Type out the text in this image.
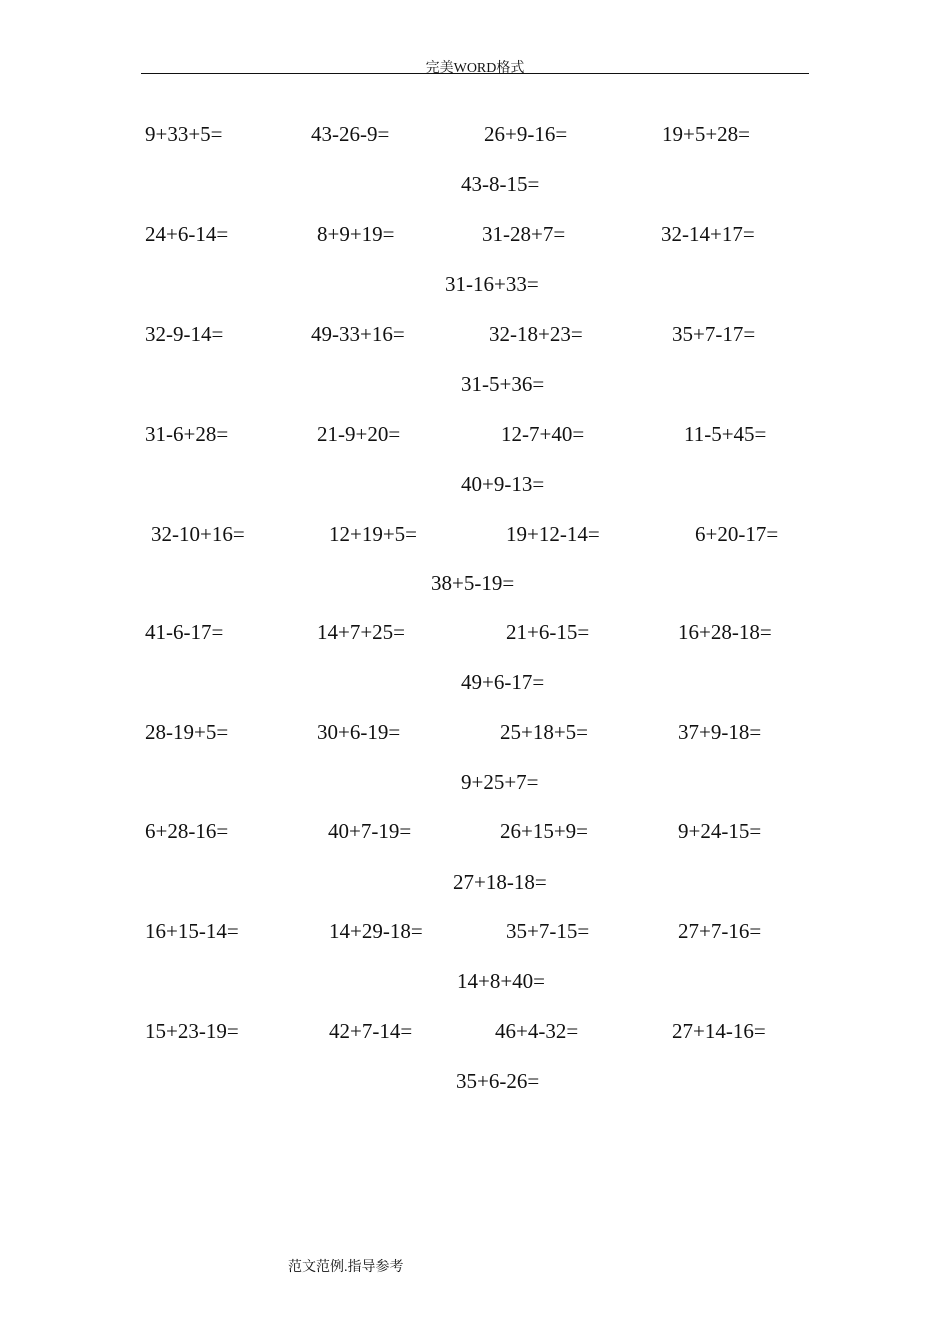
完美WORD格式
9+33+5=	43-26-9=	26+9-16=	19+5+28=
43-8-15=
24+6-14=	8+9+19=	31-28+7=	32-14+17=
31-16+33=
32-9-14=	49-33+16=	32-18+23=	35+7-17=
31-5+36=
31-6+28=	21-9+20=	12-7+40=	11-5+45=
40+9-13=
32-10+16=	12+19+5=	19+12-14=	6+20-17=
38+5-19=
41-6-17=	14+7+25=	21+6-15=	16+28-18=
49+6-17=
28-19+5=	30+6-19=	25+18+5=	37+9-18=
9+25+7=
6+28-16=	40+7-19=	26+15+9=	9+24-15=
27+18-18=
16+15-14=	14+29-18=	35+7-15=	27+7-16=
14+8+40=
15+23-19=	42+7-14=	46+4-32=	27+14-16=
35+6-26=
范文范例.指导参考
